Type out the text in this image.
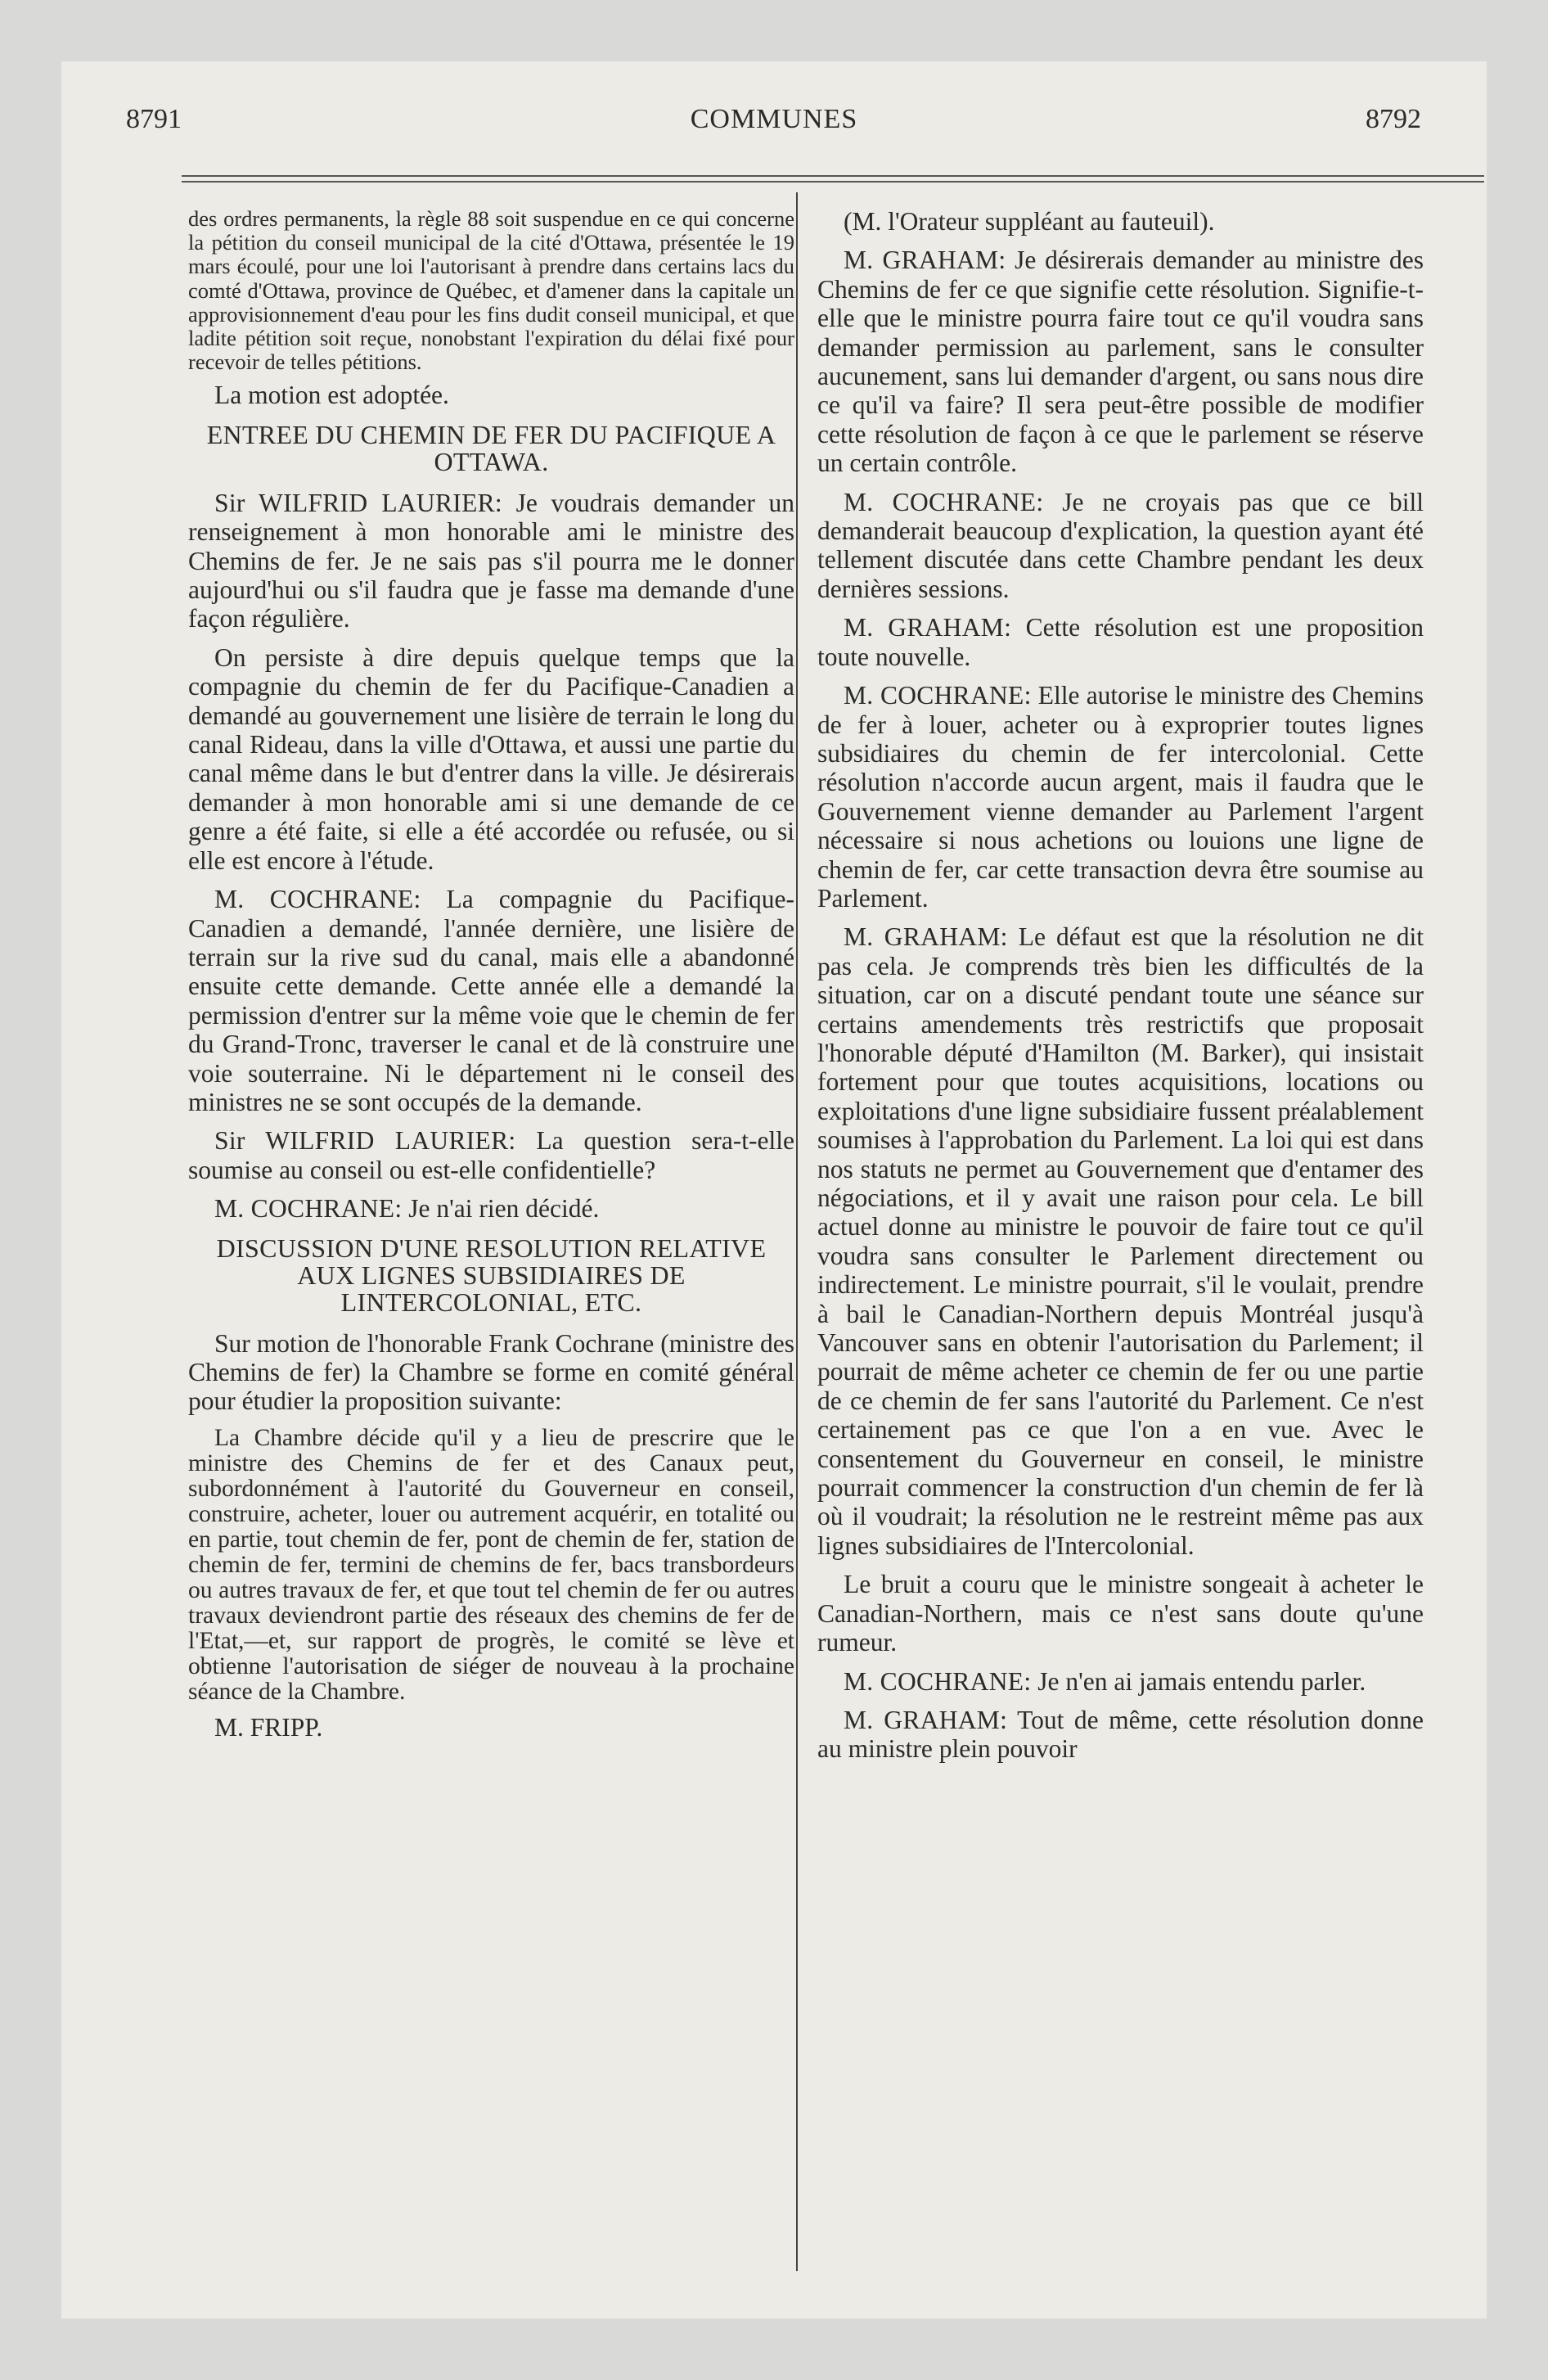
8791	COMMUNES	8792

des ordres permanents, la règle 88 soit suspendue en ce qui concerne la pétition du conseil municipal de la cité d'Ottawa, présentée le 19 mars écoulé, pour une loi l'autorisant à prendre dans certains lacs du comté d'Ottawa, province de Québec, et d'amener dans la capitale un approvisionnement d'eau pour les fins dudit conseil municipal, et que ladite pétition soit reçue, nonobstant l'expiration du délai fixé pour recevoir de telles pétitions.

La motion est adoptée.

ENTREE DU CHEMIN DE FER DU PACIFIQUE A OTTAWA.

Sir WILFRID LAURIER: Je voudrais demander un renseignement à mon honorable ami le ministre des Chemins de fer. Je ne sais pas s'il pourra me le donner aujourd'hui ou s'il faudra que je fasse ma demande d'une façon régulière.

On persiste à dire depuis quelque temps que la compagnie du chemin de fer du Pacifique-Canadien a demandé au gouvernement une lisière de terrain le long du canal Rideau, dans la ville d'Ottawa, et aussi une partie du canal même dans le but d'entrer dans la ville. Je désirerais demander à mon honorable ami si une demande de ce genre a été faite, si elle a été accordée ou refusée, ou si elle est encore à l'étude.

M. COCHRANE: La compagnie du Pacifique-Canadien a demandé, l'année dernière, une lisière de terrain sur la rive sud du canal, mais elle a abandonné ensuite cette demande. Cette année elle a demandé la permission d'entrer sur la même voie que le chemin de fer du Grand-Tronc, traverser le canal et de là construire une voie souterraine. Ni le département ni le conseil des ministres ne se sont occupés de la demande.

Sir WILFRID LAURIER: La question sera-t-elle soumise au conseil ou est-elle confidentielle?

M. COCHRANE: Je n'ai rien décidé.

DISCUSSION D'UNE RESOLUTION RELATIVE AUX LIGNES SUBSIDIAIRES DE LINTERCOLONIAL, ETC.

Sur motion de l'honorable Frank Cochrane (ministre des Chemins de fer) la Chambre se forme en comité général pour étudier la proposition suivante:

La Chambre décide qu'il y a lieu de prescrire que le ministre des Chemins de fer et des Canaux peut, subordonnément à l'autorité du Gouverneur en conseil, construire, acheter, louer ou autrement acquérir, en totalité ou en partie, tout chemin de fer, pont de chemin de fer, station de chemin de fer, termini de chemins de fer, bacs transbordeurs ou autres travaux de fer, et que tout tel chemin de fer ou autres travaux deviendront partie des réseaux des chemins de fer de l'Etat,—et, sur rapport de progrès, le comité se lève et obtienne l'autorisation de siéger de nouveau à la prochaine séance de la Chambre.

M. FRIPP.

(M. l'Orateur suppléant au fauteuil).

M. GRAHAM: Je désirerais demander au ministre des Chemins de fer ce que signifie cette résolution. Signifie-t-elle que le ministre pourra faire tout ce qu'il voudra sans demander permission au parlement, sans le consulter aucunement, sans lui demander d'argent, ou sans nous dire ce qu'il va faire? Il sera peut-être possible de modifier cette résolution de façon à ce que le parlement se réserve un certain contrôle.

M. COCHRANE: Je ne croyais pas que ce bill demanderait beaucoup d'explication, la question ayant été tellement discutée dans cette Chambre pendant les deux dernières sessions.

M. GRAHAM: Cette résolution est une proposition toute nouvelle.

M. COCHRANE: Elle autorise le ministre des Chemins de fer à louer, acheter ou à exproprier toutes lignes subsidiaires du chemin de fer intercolonial. Cette résolution n'accorde aucun argent, mais il faudra que le Gouvernement vienne demander au Parlement l'argent nécessaire si nous achetions ou louions une ligne de chemin de fer, car cette transaction devra être soumise au Parlement.

M. GRAHAM: Le défaut est que la résolution ne dit pas cela. Je comprends très bien les difficultés de la situation, car on a discuté pendant toute une séance sur certains amendements très restrictifs que proposait l'honorable député d'Hamilton (M. Barker), qui insistait fortement pour que toutes acquisitions, locations ou exploitations d'une ligne subsidiaire fussent préalablement soumises à l'approbation du Parlement. La loi qui est dans nos statuts ne permet au Gouvernement que d'entamer des négociations, et il y avait une raison pour cela. Le bill actuel donne au ministre le pouvoir de faire tout ce qu'il voudra sans consulter le Parlement directement ou indirectement. Le ministre pourrait, s'il le voulait, prendre à bail le Canadian-Northern depuis Montréal jusqu'à Vancouver sans en obtenir l'autorisation du Parlement; il pourrait de même acheter ce chemin de fer ou une partie de ce chemin de fer sans l'autorité du Parlement. Ce n'est certainement pas ce que l'on a en vue. Avec le consentement du Gouverneur en conseil, le ministre pourrait commencer la construction d'un chemin de fer là où il voudrait; la résolution ne le restreint même pas aux lignes subsidiaires de l'Intercolonial.

Le bruit a couru que le ministre songeait à acheter le Canadian-Northern, mais ce n'est sans doute qu'une rumeur.

M. COCHRANE: Je n'en ai jamais entendu parler.

M. GRAHAM: Tout de même, cette résolution donne au ministre plein pouvoir
